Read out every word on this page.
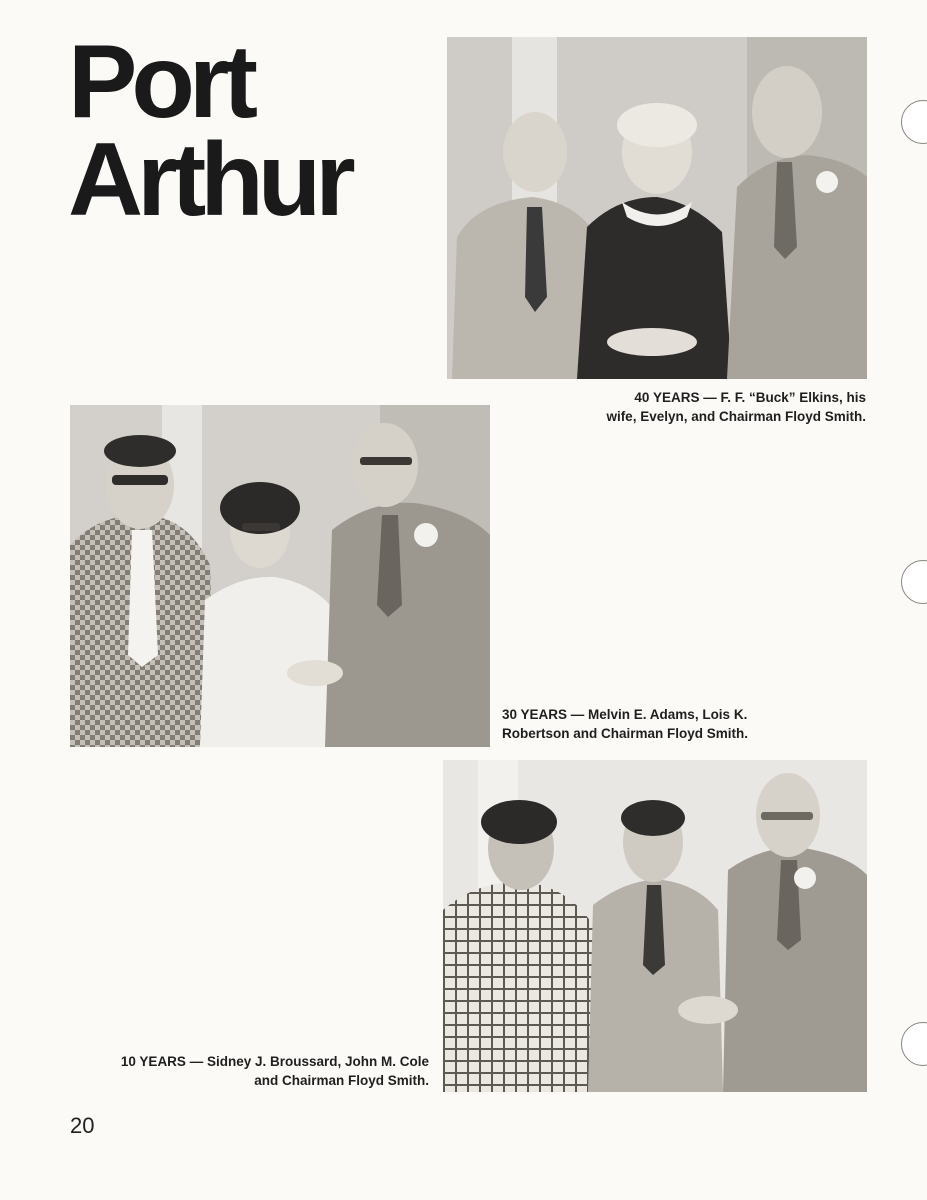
Port
Arthur

40 YEARS — F. F. “Buck” Elkins, his
wife, Evelyn, and Chairman Floyd Smith.

30 YEARS — Melvin E. Adams, Lois K.
Robertson and Chairman Floyd Smith.

10 YEARS — Sidney J. Broussard, John M. Cole
and Chairman Floyd Smith.

20
